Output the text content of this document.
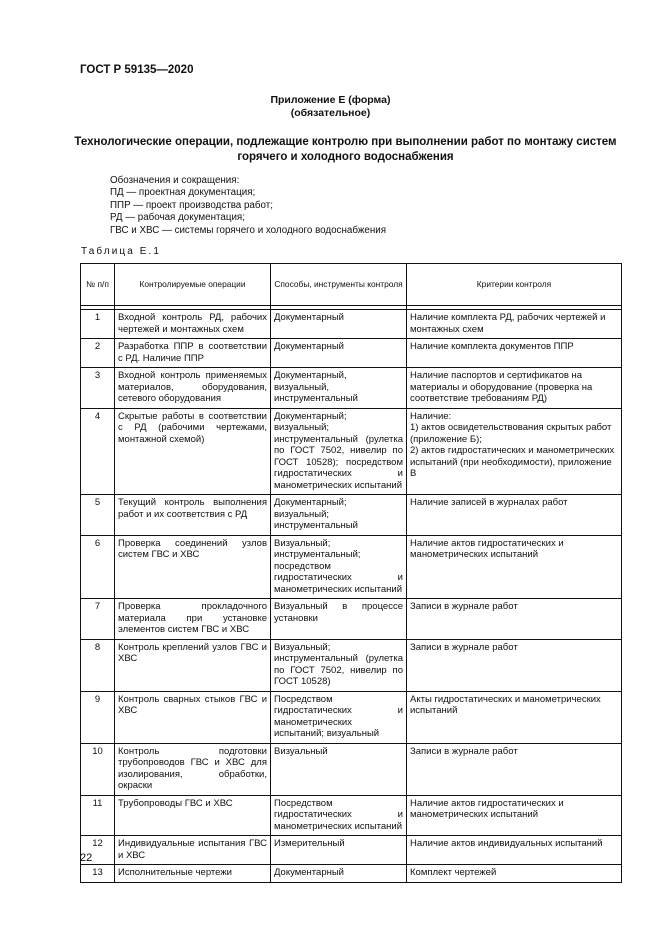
ГОСТ Р 59135—2020
Приложение Е (форма)
(обязательное)
Технологические операции, подлежащие контролю при выполнении работ по монтажу систем
горячего и холодного водоснабжения
Обозначения и сокращения:
ПД — проектная документация;
ППР — проект производства работ;
РД — рабочая документация;
ГВС и ХВС — системы горячего и холодного водоснабжения
Таблица Е.1
№ п/п	Контролируемые операции	Способы, инструменты контроля	Критерии контроля

1	Входной контроль РД, рабочих чертежей и монтажных схем	Документарный	Наличие комплекта РД, рабочих чертежей и монтажных схем
2	Разработка ППР в соответствии с РД. Наличие ППР	Документарный	Наличие комплекта документов ППР
3	Входной контроль применяемых материалов, оборудования, сетевого оборудования	Документарный, визуальный, инструментальный	Наличие паспортов и сертификатов на материалы и оборудование (проверка на соответствие требованиям РД)
4	Скрытые работы в соответствии с РД (рабочими чертежами, монтажной схемой)	Документарный; визуальный; инструментальный (рулетка по ГОСТ 7502, нивелир по ГОСТ 10528); посредством гидростатических и манометрических испытаний	Наличие:
1) актов освидетельствования скрытых работ (приложение Б);
2) актов гидростатических и манометрических испытаний (при необходимости), приложение В
5	Текущий контроль выполнения работ и их соответствия с РД	Документарный; визуальный; инструментальный	Наличие записей в журналах работ
6	Проверка соединений узлов систем ГВС и ХВС	Визуальный; инструментальный; посредством гидростатических и манометрических испытаний	Наличие актов гидростатических и манометрических испытаний
7	Проверка прокладочного материала при установке элементов систем ГВС и ХВС	Визуальный в процессе установки	Записи в журнале работ
8	Контроль креплений узлов ГВС и ХВС	Визуальный; инструментальный (рулетка по ГОСТ 7502, нивелир по ГОСТ 10528)	Записи в журнале работ
9	Контроль сварных стыков ГВС и ХВС	Посредством гидростатических и манометрических испытаний; визуальный	Акты гидростатических и манометрических испытаний
10	Контроль подготовки трубопроводов ГВС и ХВС для изолирования, обработки, окраски	Визуальный	Записи в журнале работ
11	Трубопроводы ГВС и ХВС	Посредством гидростатических и манометрических испытаний	Наличие актов гидростатических и манометрических испытаний
12	Индивидуальные испытания ГВС и ХВС	Измерительный	Наличие актов индивидуальных испытаний
13	Исполнительные чертежи	Документарный	Комплект чертежей
22
